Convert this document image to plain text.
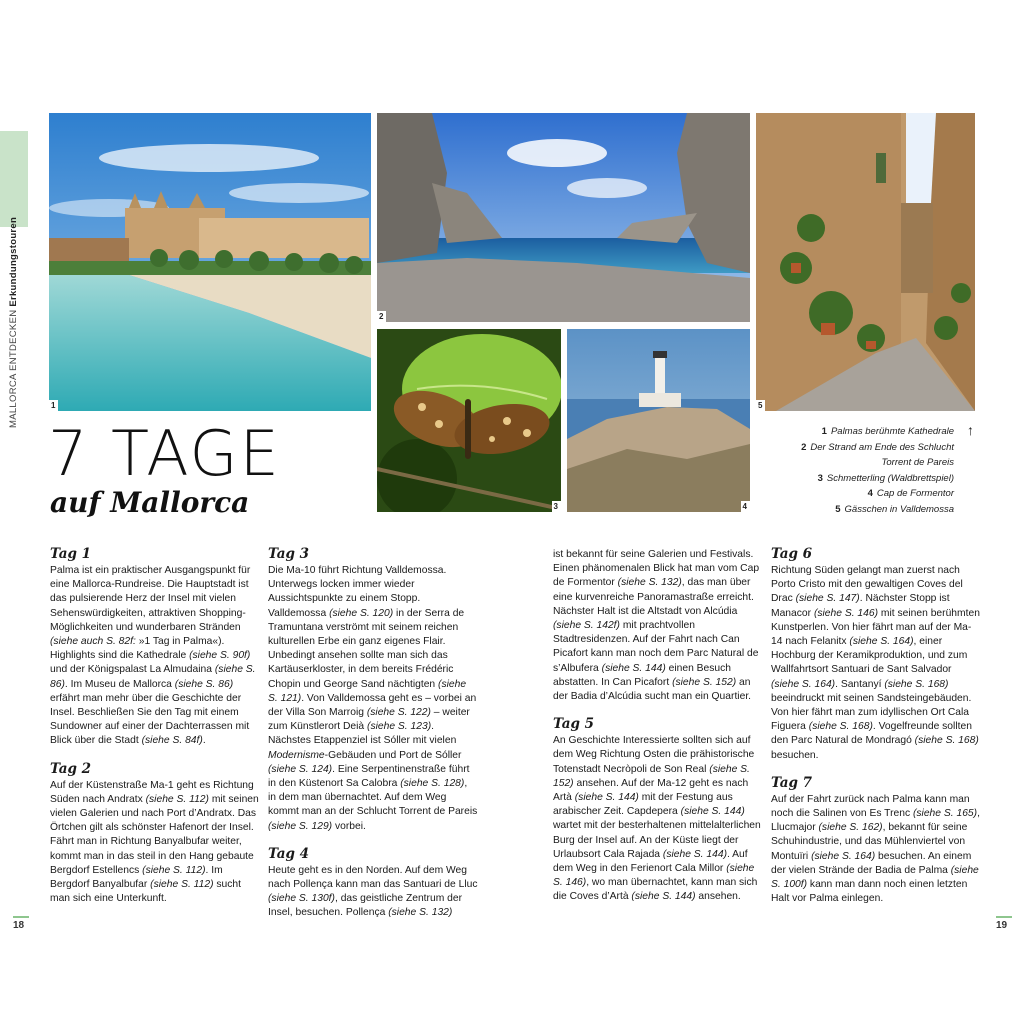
MALLORCA ENTDECKEN Erkundungstouren
1
2
3	4
5
7 TAGE
auf Mallorca
↑
1 Palmas berühmte Kathedrale
2 Der Strand am Ende des Schlucht
Torrent de Pareis
3 Schmetterling (Waldbrettspiel)
4 Cap de Formentor
5 Gässchen in Valldemossa
Tag 1

Palma ist ein praktischer Ausgangspunkt für eine Mallorca-Rundreise. Die Hauptstadt ist das pulsierende Herz der Insel mit vielen Sehenswürdigkeiten, attraktiven Shopping-Möglichkeiten und wunderbaren Stränden (siehe auch S. 82f: »1 Tag in Palma«). Highlights sind die Kathedrale (siehe S. 90f) und der Königspalast La Almudaina (siehe S. 86). Im Museu de Mallorca (siehe S. 86) erfährt man mehr über die Geschichte der Insel. Beschließen Sie den Tag mit einem Sundowner auf einer der Dachterrassen mit Blick über die Stadt (siehe S. 84f).

Tag 2

Auf der Küstenstraße Ma-1 geht es Richtung Süden nach Andratx (siehe S. 112) mit seinen vielen Galerien und nach Port d’Andratx. Das Örtchen gilt als schönster Hafenort der Insel. Fährt man in Richtung Banyalbufar weiter, kommt man in das steil in den Hang gebaute Bergdorf Estellencs (siehe S. 112). Im Bergdorf Banyalbufar (siehe S. 112) sucht man sich eine Unterkunft.

Tag 3

Die Ma-10 führt Richtung Valldemossa. Unterwegs locken immer wieder Aussichtspunkte zu einem Stopp. Valldemossa (siehe S. 120) in der Serra de Tramuntana verströmt mit seinem reichen kulturellen Erbe ein ganz eigenes Flair. Unbedingt ansehen sollte man sich das Kartäuserkloster, in dem bereits Frédéric Chopin und George Sand nächtigten (siehe S. 121). Von Valldemossa geht es – vorbei an der Villa Son Marroig (siehe S. 122) – weiter zum Künstlerort Deià (siehe S. 123). Nächstes Etappenziel ist Sóller mit vielen Modernisme-Gebäuden und Port de Sóller (siehe S. 124). Eine Serpentinenstraße führt in den Küstenort Sa Calobra (siehe S. 128), in dem man übernachtet. Auf dem Weg kommt man an der Schlucht Torrent de Pareis (siehe S. 129) vorbei.

Tag 4

Heute geht es in den Norden. Auf dem Weg nach Pollença kann man das Santuari de Lluc (siehe S. 130f), das geistliche Zentrum der Insel, besuchen. Pollença (siehe S. 132)

ist bekannt für seine Galerien und Festivals. Einen phänomenalen Blick hat man vom Cap de Formentor (siehe S. 132), das man über eine kurvenreiche Panoramastraße erreicht. Nächster Halt ist die Altstadt von Alcúdia (siehe S. 142f) mit prachtvollen Stadtresidenzen. Auf der Fahrt nach Can Picafort kann man noch dem Parc Natural de s’Albufera (siehe S. 144) einen Besuch abstatten. In Can Picafort (siehe S. 152) an der Badia d’Alcúdia sucht man ein Quartier.

Tag 5

An Geschichte Interessierte sollten sich auf dem Weg Richtung Osten die prähistorische Totenstadt Necròpoli de Son Real (siehe S. 152) ansehen. Auf der Ma-12 geht es nach Artà (siehe S. 144) mit der Festung aus arabischer Zeit. Capdepera (siehe S. 144) wartet mit der besterhaltenen mittelalterlichen Burg der Insel auf. An der Küste liegt der Urlaubsort Cala Rajada (siehe S. 144). Auf dem Weg in den Ferienort Cala Millor (siehe S. 146), wo man übernachtet, kann man sich die Coves d’Artà (siehe S. 144) ansehen.

Tag 6

Richtung Süden gelangt man zuerst nach Porto Cristo mit den gewaltigen Coves del Drac (siehe S. 147). Nächster Stopp ist Manacor (siehe S. 146) mit seinen berühmten Kunstperlen. Von hier fährt man auf der Ma-14 nach Felanitx (siehe S. 164), einer Hochburg der Keramikproduktion, und zum Wallfahrtsort Santuari de Sant Salvador (siehe S. 164). Santanyí (siehe S. 168) beeindruckt mit seinen Sandsteingebäuden. Von hier fährt man zum idyllischen Ort Cala Figuera (siehe S. 168). Vogelfreunde sollten den Parc Natural de Mondragó (siehe S. 168) besuchen.

Tag 7

Auf der Fahrt zurück nach Palma kann man noch die Salinen von Es Trenc (siehe S. 165), Llucmajor (siehe S. 162), bekannt für seine Schuhindustrie, und das Mühlenviertel von Montuïri (siehe S. 164) besuchen. An einem der vielen Strände der Badia de Palma (siehe S. 100f) kann man dann noch einen letzten Halt vor Palma einlegen.

18	19
